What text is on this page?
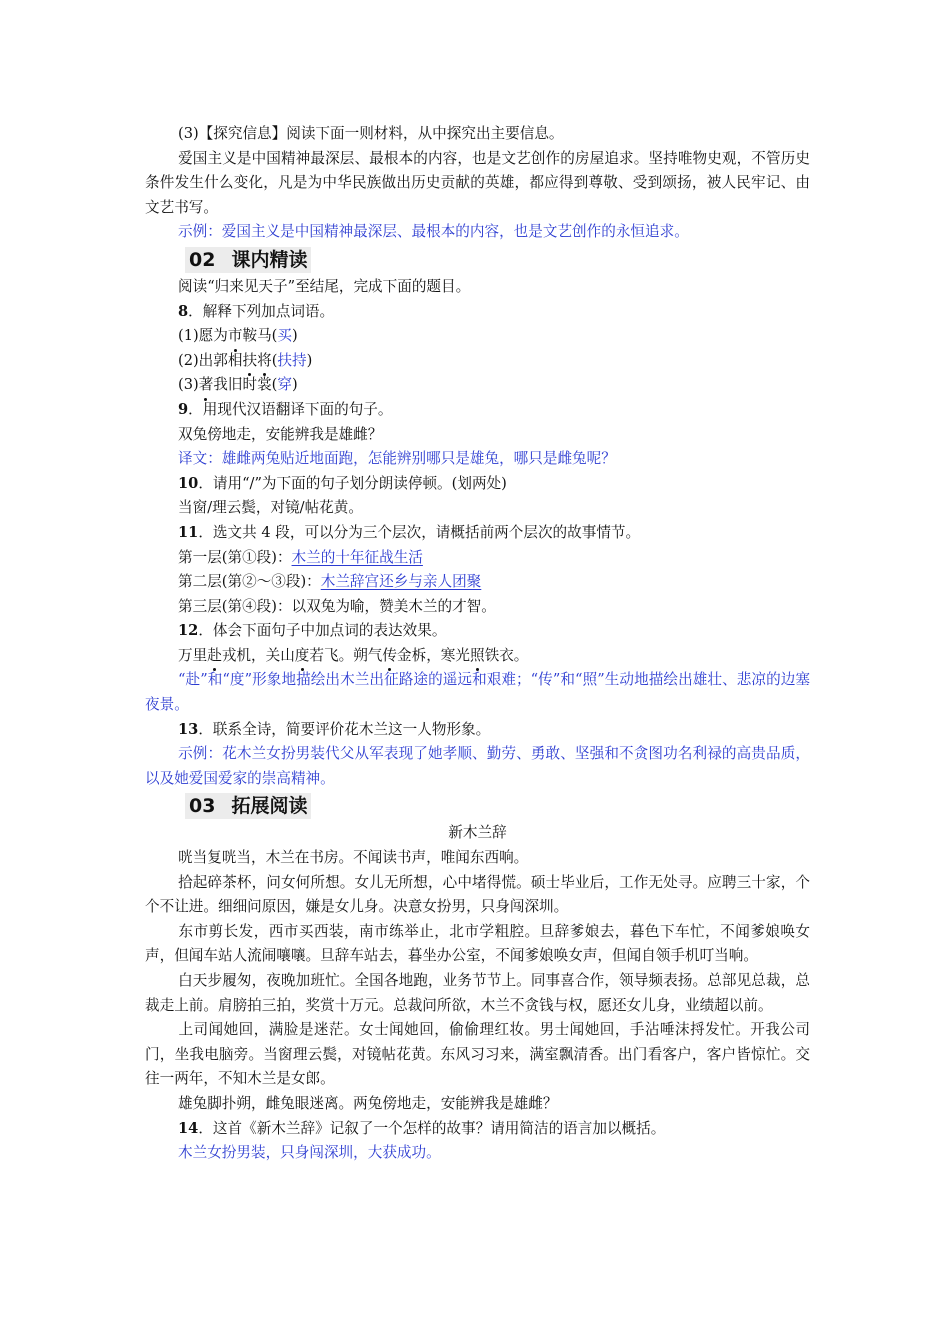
(3)【探究信息】阅读下面一则材料，从中探究出主要信息。
爱国主义是中国精神最深层、最根本的内容，也是文艺创作的房屋追求。坚持唯物史观，不管历史条件发生什么变化，凡是为中华民族做出历史贡献的英雄，都应得到尊敬、受到颂扬，被人民牢记、由文艺书写。
示例：爱国主义是中国精神最深层、最根本的内容，也是文艺创作的永恒追求。
02 课内精读
阅读“归来见天子”至结尾，完成下面的题目。
8．解释下列加点词语。
(1)愿为市鞍马(买)
(2)出郭相扶将(扶持)
(3)著我旧时裳(穿)
9．用现代汉语翻译下面的句子。
双兔傍地走，安能辨我是雄雌？
译文：雄雌两兔贴近地面跑，怎能辨别哪只是雄兔，哪只是雌兔呢？
10．请用“/”为下面的句子划分朗读停顿。(划两处)
当窗/理云鬓，对镜/帖花黄。
11．选文共 4 段，可以分为三个层次，请概括前两个层次的故事情节。
第一层(第①段)：木兰的十年征战生活
第二层(第②～③段)：木兰辞宫还乡与亲人团聚
第三层(第④段)：以双兔为喻，赞美木兰的才智。
12．体会下面句子中加点词的表达效果。
万里赴戎机，关山度若飞。朔气传金柝，寒光照铁衣。
“赴”和“度”形象地描绘出木兰出征路途的遥远和艰难；“传”和“照”生动地描绘出雄壮、悲凉的边塞夜景。
13．联系全诗，简要评价花木兰这一人物形象。
示例：花木兰女扮男装代父从军表现了她孝顺、勤劳、勇敢、坚强和不贪图功名利禄的高贵品质，以及她爱国爱家的崇高精神。
03 拓展阅读
新木兰辞
咣当复咣当，木兰在书房。不闻读书声，唯闻东西响。
拾起碎茶杯，问女何所想。女儿无所想，心中堵得慌。硕士毕业后，工作无处寻。应聘三十家，个个不让进。细细问原因，嫌是女儿身。决意女扮男，只身闯深圳。
东市剪长发，西市买西装，南市练举止，北市学粗腔。旦辞爹娘去，暮色下车忙，不闻爹娘唤女声，但闻车站人流闹嚷嚷。旦辞车站去，暮坐办公室，不闻爹娘唤女声，但闻自领手机叮当响。
白天步履匆，夜晚加班忙。全国各地跑，业务节节上。同事喜合作，领导频表扬。总部见总裁，总裁走上前。肩膀拍三拍，奖赏十万元。总裁问所欲，木兰不贪钱与权，愿还女儿身，业绩超以前。
上司闻她回，满脸是迷茫。女士闻她回，偷偷理红妆。男士闻她回，手沾唾沫捋发忙。开我公司门，坐我电脑旁。当窗理云鬓，对镜帖花黄。东风习习来，满室飘清香。出门看客户，客户皆惊忙。交往一两年，不知木兰是女郎。
雄兔脚扑朔，雌兔眼迷离。两兔傍地走，安能辨我是雄雌？
14．这首《新木兰辞》记叙了一个怎样的故事？请用简洁的语言加以概括。
木兰女扮男装，只身闯深圳，大获成功。
